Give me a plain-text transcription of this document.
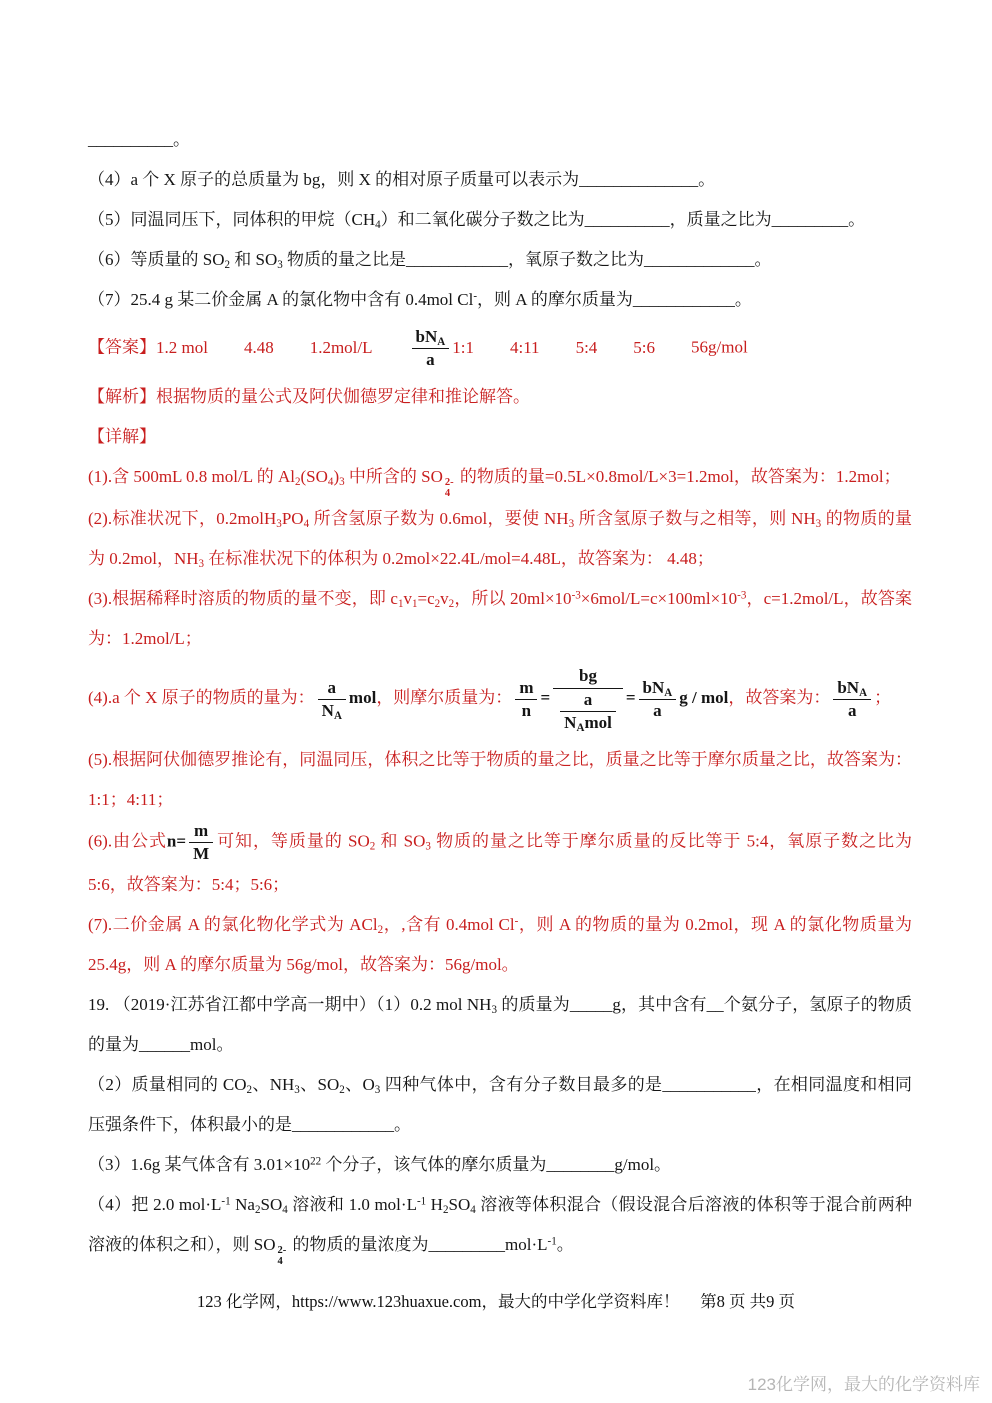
__________。
（4）a 个 X 原子的总质量为 bg，则 X 的相对原子质量可以表示为______________。
（5）同温同压下，同体积的甲烷$(CH_4)$和二氧化碳分子数之比为__________，质量之比为_________。
（6）等质量的 $SO_2$ 和 $SO_3$ 物质的量之比是____________，氧原子数之比为_____________。
（7）25.4 g 某二价金属 A 的氯化物中含有 0.4mol Cl-，则 A 的摩尔质量为____________。
【答案】1.2 mol 4.48 $1.2mol/L \frac{bN_A}{a}$ 1:1 4:11 5:4 5:6 56g/mol
【解析】根据物质的量公式及阿伏伽德罗定律和推论解答。
【详解】
(1).含 500mL 0.8 mol/L 的 $Al_2(SO_4)_3$ 中所含的 SO 2-
4
的物质的量=0.5L×0.8mol/L×3=1.2mol，故答案为：1.2mol；
(2).标准状况下，$0.2molH_3PO_4$ 所含氢原子数为 0.6mol，要使 $NH_3$ 所含氢原子数与之相等，则 $NH_3$ 的物质的量为 0.2mol，$NH_3$ 在标准状况下的体积为 0.2mol×22.4L/mol=4.48L，故答案为： 4.48；
(3).根据稀释时溶质的物质的量不变，即 $c_1v_1=c_2v_2$，所以 $20ml\times 10^{-3}\times 6mol/L=c\times 100ml\times 10^{-3}$，c=1.2mol/L，故答案为：1.2mol/L；
(4).a 个 X 原子的物质的量为： $\frac{a}{N_A}$ mol，则摩尔质量为： $\frac{m}{n} = \frac{bg}{\frac{a}{N_Amol}} = \frac{bN_A}{a}$ g / mol，故答案为： $\frac{bN_A}{a}$ ；
(5).根据阿伏伽德罗推论有，同温同压，体积之比等于物质的量之比，质量之比等于摩尔质量之比，故答案为： 1:1；4:11；
(6).由公式$n= \frac{m}{M}$ 可知，等质量的 $SO_2$ 和 $SO_3$ 物质的量之比等于摩尔质量的反比等于 5:4，氧原子数之比为 5:6，故答案为：5:4；5:6；
(7).二价金属 A 的氯化物化学式为 ACl$_2$，,含有 0.4mol Cl-，则 A 的物质的量为 0.2mol，现 A 的氯化物质量为 25.4g，则 A 的摩尔质量为 56g/mol，故答案为：56g/mol。
19. （2019·江苏省江都中学高一期中）（1）0.2 mol $NH_3$ 的质量为_____g，其中含有__个氨分子，氢原子的物质的量为______mol。
（2）质量相同的 $CO_2$、$NH_3$、$SO_2$、$O_3$ 四种气体中，含有分子数目最多的是___________，在相同温度和相同压强条件下，体积最小的是____________。
（3）1.6g 某气体含有 $3.01\times 10^{22}$ 个分子，该气体的摩尔质量为________g/mol。
（4）把 2.0 $mol\cdot L^{-1}$ $Na_2SO_4$ 溶液和 1.0 $mol\cdot L^{-1}$ $H_2SO_4$ 溶液等体积混合（假设混合后溶液的体积等于混合前两种溶液的体积之和），则 SO 2-
4
的物质的量浓度为$\_\_\_\_\_\_\_\_\_mol\cdot L^{-1}$。
123 化学网，https://www.123huaxue.com，最大的中学化学资料库！　 第8 页 共9 页
123化学网，最大的化学资料库
